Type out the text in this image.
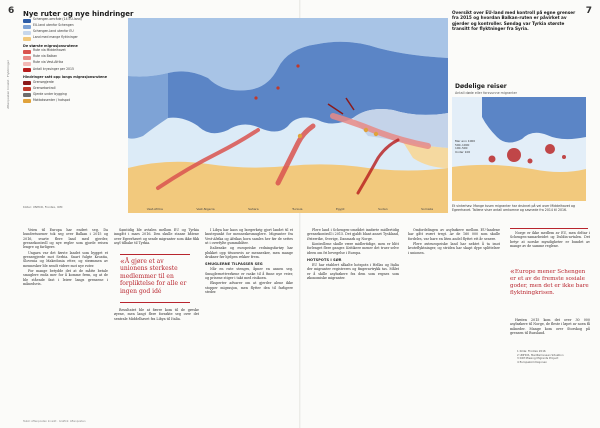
6	7
Aftenposten Innsikt · Flyktninger
Nye ruter og nye hindringer
Schengen-område (14 EU-land)
EU-land utenfor Schengen
Schengen-land utenfor EU
Land med mange flyktninger
De største migrasjonsrutene
Rute via Middelhavet
Rute via Balkan
Rute via Vest-Afrika
Antall kryssinger per 2015
Hindringer satt opp langs migrasjonsrutene
Grensegjerde
Grensekontroll
Gjerde under bygging
Mottakssenter / hotspot
Vest-Afrika	Vest-Nigeria	Sahara	Tunisia	Egypt	Sudan	Somalia
Kilder: UNHCR, Frontex, IOM
Oversikt over EU-land med kontroll på egne grenser fra 2015 og hvordan Balkan-ruten er påvirket av gjerder og kontroller. Søndag var Tyrkia største transitt for flyktninger fra Syria.
Dødelige reiser
Antall døde eller forsvunne migranter
Mer enn 1000
500–1000
100–500
Under 100
Et vinterhav: Mange tusen migranter har druknet på vei over Middelhavet og Egeerhavet. Tallene viser antall omkomne og savnede fra 2014 til 2016.

Veien til Europa har endret seg. Da hundretusener tok seg over Balkan i 2015 og 2016, svarte flere land med gjerder, grensekontroll og nye regler som gjorde reisen lengre og farligere.

Ungarn var det første landet som bygget et grensegjerde mot Serbia. Snart fulgte Kroatia, Slovenia og Makedonia etter, og strømmen av mennesker ble sendt videre mot nye ruter.

For mange betydde det at de måtte betale smuglere enda mer for å komme frem, og at de ble stående fast i leirer langs grensene i månedsvis.

Samtidig ble avtalen mellom EU og Tyrkia inngått i mars 2016. Den skulle stanse båtene over Egeerhavet og sende migranter som ikke fikk asyl tilbake til Tyrkia.

«Å gjøre et av unionens sterkeste medlemmer til en forpliktelse for alle er ingen god idé

Resultatet ble at færre kom til de greske øyene, men langt flere forsøkte seg over det sentrale Middelhavet fra Libya til Italia.

I Libya har kaos og borgerkrig gjort landet til et knutepunkt for menneskesmuglere. Migranter fra Vest-Afrika og Afrikas horn samles her før de settes ut i overfylte gummibåter.

Italienske og europeiske redningsfartøy har plukket opp titusenvis av mennesker, men mange drukner før hjelpen rekker frem.

SMUGLERNE TILPASSER SEG

Når en rute stenges, åpner en annen seg. Smuglernettverkene er raske til å finne nye veier, og prisene stiger i takt med risikoen.

Eksperter advarer om at gjerder alene ikke stopper migrasjon, men flytter den til farligere steder.

Flere land i Schengen-området innførte midlertidig grensekontroll i 2015. Det gjaldt blant annet Tyskland, Østerrike, Sverige, Danmark og Norge.

Kontrollene skulle være midlertidige, men er blitt forlenget flere ganger. Kritikere mener det truer selve ideen om fri bevegelse i Europa.

HOTSPOTS I SØR

EU har etablert såkalte hotspots i Hellas og Italia der migranter registreres og fingeravtrykk tas. Målet er å skille asylsøkere fra dem som regnes som økonomiske migranter.

Omfordelingen av asylsøkere mellom EU-landene har gått svært tregt. Av de 160 000 som skulle fordeles, var bare en liten andel flyttet ett år senere.

Flere østeuropeiske land har nektet å ta imot kvoteflyktninger, og striden har skapt dype splittelser i unionen.

Norge er ikke medlem av EU, men deltar i Schengen-samarbeidet og Dublin-avtalen. Det betyr at norske myndigheter er bundet av mange av de samme reglene.

«Europe mener Schengen er et av de fremste sosiale goder, men det er ikke bare flyktningkrisen.

Høsten 2015 kom det over 30 000 asylsøkere til Norge, de fleste i løpet av noen få måneder. Mange kom over Storskog på grensen til Russland.

1 Kilde: Frontex 2016
2 UNHCR, Mediterranean Situation
3 IOM Missing Migrants Project
4 Europakommisjonen
Tekst: Aftenposten Innsikt · Grafikk: Aftenposten
